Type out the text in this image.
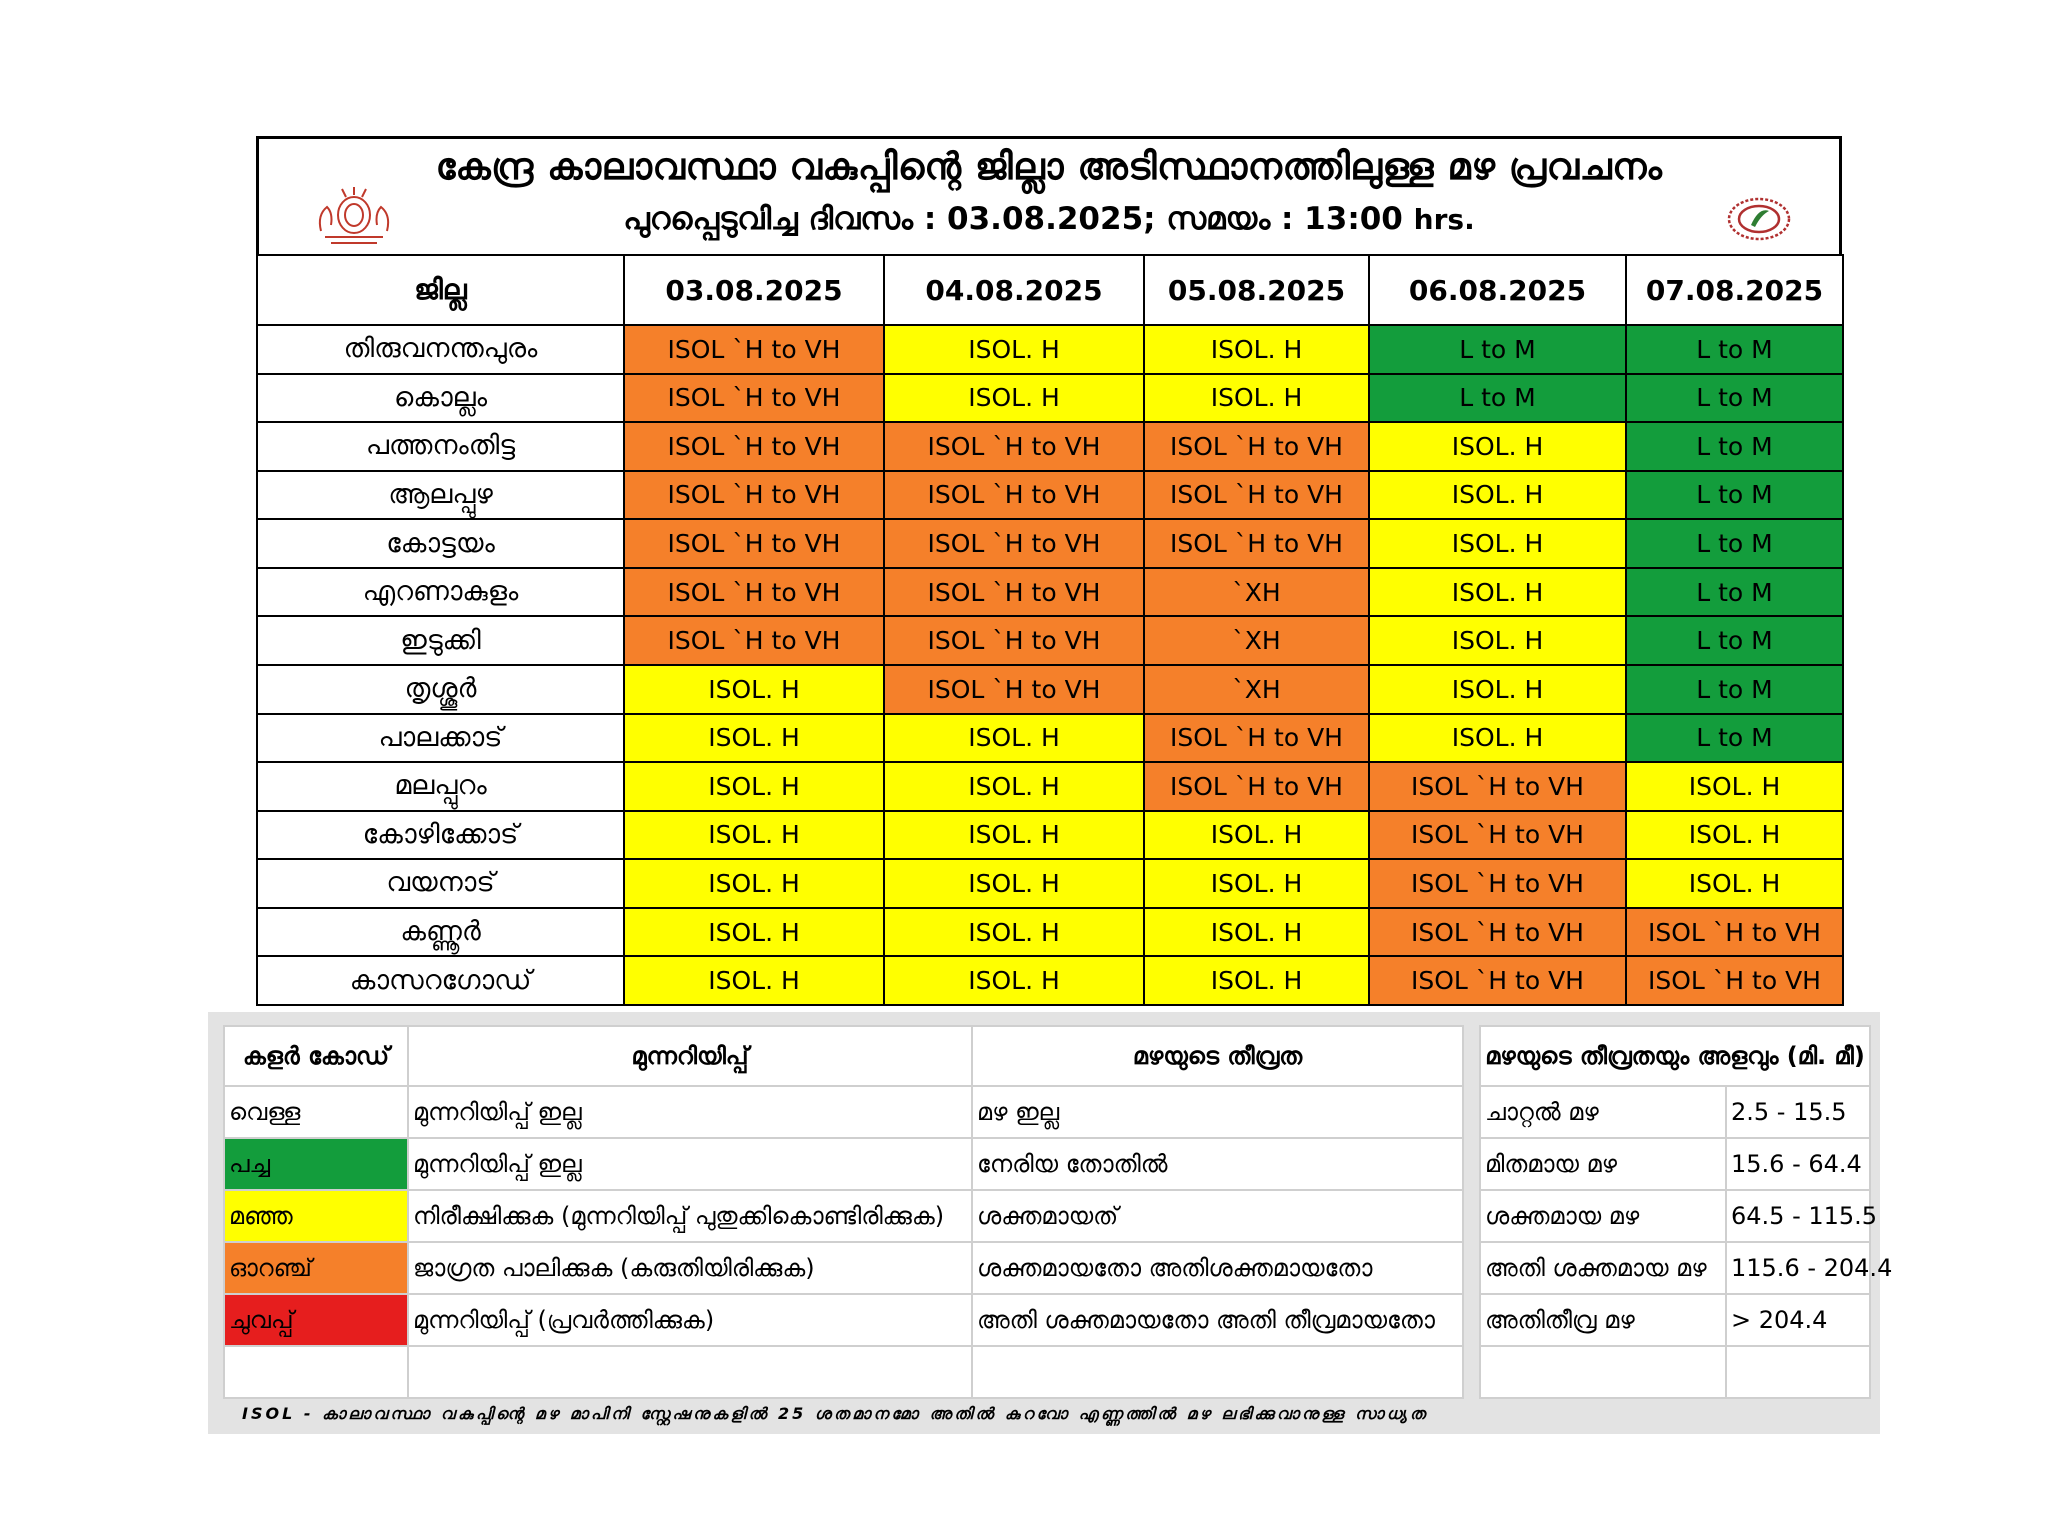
കേന്ദ്ര കാലാവസ്ഥാ വകുപ്പിന്റെ ജില്ലാ അടിസ്ഥാനത്തിലുള്ള മഴ പ്രവചനം
പുറപ്പെടുവിച്ച ദിവസം : 03.08.2025; സമയം : 13:00 hrs.
ജില്ല	03.08.2025	04.08.2025	05.08.2025	06.08.2025	07.08.2025
തിരുവനന്തപുരം	ISOL `H to VH	ISOL. H	ISOL. H	L to M	L to M
കൊല്ലം	ISOL `H to VH	ISOL. H	ISOL. H	L to M	L to M
പത്തനംതിട്ട	ISOL `H to VH	ISOL `H to VH	ISOL `H to VH	ISOL. H	L to M
ആലപ്പുഴ	ISOL `H to VH	ISOL `H to VH	ISOL `H to VH	ISOL. H	L to M
കോട്ടയം	ISOL `H to VH	ISOL `H to VH	ISOL `H to VH	ISOL. H	L to M
എറണാകുളം	ISOL `H to VH	ISOL `H to VH	`XH	ISOL. H	L to M
ഇടുക്കി	ISOL `H to VH	ISOL `H to VH	`XH	ISOL. H	L to M
തൃശ്ശൂർ	ISOL. H	ISOL `H to VH	`XH	ISOL. H	L to M
പാലക്കാട്	ISOL. H	ISOL. H	ISOL `H to VH	ISOL. H	L to M
മലപ്പുറം	ISOL. H	ISOL. H	ISOL `H to VH	ISOL `H to VH	ISOL. H
കോഴിക്കോട്	ISOL. H	ISOL. H	ISOL. H	ISOL `H to VH	ISOL. H
വയനാട്	ISOL. H	ISOL. H	ISOL. H	ISOL `H to VH	ISOL. H
കണ്ണൂർ	ISOL. H	ISOL. H	ISOL. H	ISOL `H to VH	ISOL `H to VH
കാസറഗോഡ്	ISOL. H	ISOL. H	ISOL. H	ISOL `H to VH	ISOL `H to VH
കളർ കോഡ്	മുന്നറിയിപ്പ്	മഴയുടെ തീവ്രത
വെള്ള	മുന്നറിയിപ്പ് ഇല്ല	മഴ ഇല്ല
പച്ച	മുന്നറിയിപ്പ് ഇല്ല	നേരിയ തോതിൽ
മഞ്ഞ	നിരീക്ഷിക്കുക (മുന്നറിയിപ്പ് പുതുക്കികൊണ്ടിരിക്കുക)	ശക്തമായത്
ഓറഞ്ച്	ജാഗ്രത പാലിക്കുക (കരുതിയിരിക്കുക)	ശക്തമായതോ അതിശക്തമായതോ
ചുവപ്പ്	മുന്നറിയിപ്പ് (പ്രവർത്തിക്കുക)	അതി ശക്തമായതോ അതി തീവ്രമായതോ

മഴയുടെ തീവ്രതയും അളവും (മി. മീ)	
ചാറ്റൽ മഴ	2.5 - 15.5
മിതമായ മഴ	15.6 - 64.4
ശക്തമായ മഴ	64.5 - 115.5
അതി ശക്തമായ മഴ	115.6 - 204.4
അതിതീവ്ര മഴ	> 204.4

ISOL - കാലാവസ്ഥാ വകുപ്പിന്റെ മഴ മാപിനി സ്റ്റേഷനുകളിൽ 25 ശതമാനമോ അതിൽ കുറവോ എണ്ണത്തിൽ മഴ ലഭിക്കുവാനുള്ള സാധ്യത
